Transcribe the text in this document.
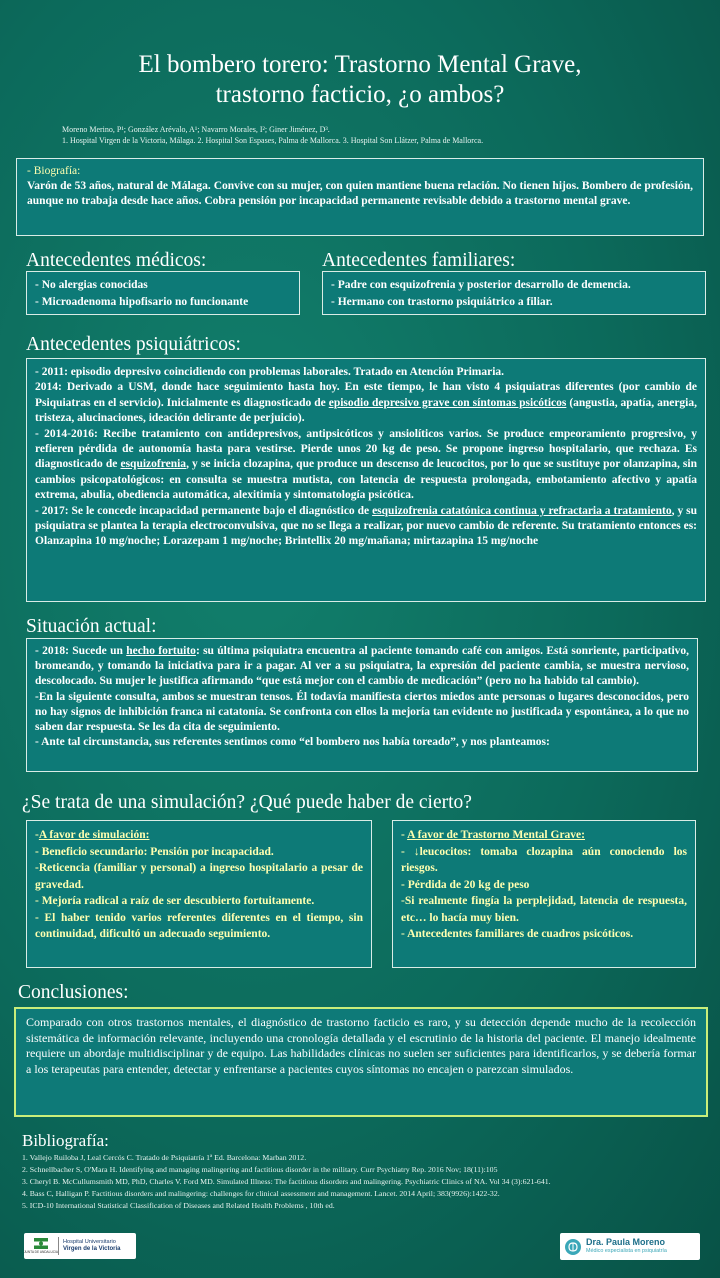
El bombero torero: Trastorno Mental Grave,
trastorno facticio, ¿o ambos?
Moreno Merino, P¹; González Arévalo, A¹; Navarro Morales, I²; Giner Jiménez, D³.
1. Hospital Virgen de la Victoria, Málaga. 2. Hospital Son Espases, Palma de Mallorca. 3. Hospital Son Llátzer, Palma de Mallorca.
- Biografía:
Varón de 53 años, natural de Málaga. Convive con su mujer, con quien mantiene buena relación. No tienen hijos. Bombero de profesión, aunque no trabaja desde hace años. Cobra pensión por incapacidad permanente revisable debido a trastorno mental grave.
Antecedentes médicos:
- No alergias conocidas
- Microadenoma hipofisario no funcionante
Antecedentes familiares:
- Padre con esquizofrenia y posterior desarrollo de demencia.
- Hermano con trastorno psiquiátrico a filiar.
Antecedentes psiquiátricos:

- 2011: episodio depresivo coincidiendo con problemas laborales. Tratado en Atención Primaria.

2014: Derivado a USM, donde hace seguimiento hasta hoy. En este tiempo, le han visto 4 psiquiatras diferentes (por cambio de Psiquiatras en el servicio). Inicialmente es diagnosticado de episodio depresivo grave con síntomas psicóticos (angustia, apatía, anergia, tristeza, alucinaciones, ideación delirante de perjuicio).

- 2014-2016: Recibe tratamiento con antidepresivos, antipsicóticos y ansiolíticos varios. Se produce empeoramiento progresivo, y refieren pérdida de autonomía hasta para vestirse. Pierde unos 20 kg de peso. Se propone ingreso hospitalario, que rechaza. Es diagnosticado de esquizofrenia, y se inicia clozapina, que produce un descenso de leucocitos, por lo que se sustituye por olanzapina, sin cambios psicopatológicos: en consulta se muestra mutista, con latencia de respuesta prolongada, embotamiento afectivo y apatía extrema, abulia, obediencia automática, alexitimia y sintomatología psicótica.

- 2017: Se le concede incapacidad permanente bajo el diagnóstico de esquizofrenia catatónica continua y refractaria a tratamiento, y su psiquiatra se plantea la terapia electroconvulsiva, que no se llega a realizar, por nuevo cambio de referente. Su tratamiento entonces es: Olanzapina 10 mg/noche; Lorazepam 1 mg/noche; Brintellix 20 mg/mañana; mirtazapina 15 mg/noche

Situación actual:

- 2018: Sucede un hecho fortuito: su última psiquiatra encuentra al paciente tomando café con amigos. Está sonriente, participativo, bromeando, y tomando la iniciativa para ir a pagar. Al ver a su psiquiatra, la expresión del paciente cambia, se muestra nervioso, descolocado. Su mujer le justifica afirmando “que está mejor con el cambio de medicación” (pero no ha habido tal cambio).

-En la siguiente consulta, ambos se muestran tensos. Él todavía manifiesta ciertos miedos ante personas o lugares desconocidos, pero no hay signos de inhibición franca ni catatonía. Se confronta con ellos la mejoría tan evidente no justificada y espontánea, a lo que no saben dar respuesta. Se les da cita de seguimiento.

- Ante tal circunstancia, sus referentes sentimos como “el bombero nos había toreado”, y nos planteamos:

¿Se trata de una simulación? ¿Qué puede haber de cierto?
-A favor de simulación:
- Beneficio secundario: Pensión por incapacidad.
-Reticencia (familiar y personal) a ingreso hospitalario a pesar de gravedad.
- Mejoría radical a raíz de ser descubierto fortuitamente.
- El haber tenido varios referentes diferentes en el tiempo, sin continuidad, dificultó un adecuado seguimiento.
- A favor de Trastorno Mental Grave:
- ↓leucocitos: tomaba clozapina aún conociendo los riesgos.
- Pérdida de 20 kg de peso
-Si realmente fingía la perplejidad, latencia de respuesta, etc… lo hacía muy bien.
- Antecedentes familiares de cuadros psicóticos.
Conclusiones:
Comparado con otros trastornos mentales, el diagnóstico de trastorno facticio es raro, y su detección depende mucho de la recolección sistemática de información relevante, incluyendo una cronología detallada y el escrutinio de la historia del paciente. El manejo idealmente requiere un abordaje multidisciplinar y de equipo. Las habilidades clínicas no suelen ser suficientes para identificarlos, y se debería formar a los terapeutas para entender, detectar y enfrentarse a pacientes cuyos síntomas no encajen o parezcan simulados.
Bibliografía:
1. Vallejo Ruiloba J, Leal Cercós C. Tratado de Psiquiatría 1ª Ed. Barcelona: Marban 2012.
2. Schnellbacher S, O'Mara H. Identifying and managing malingering and factitious disorder in the military. Curr Psychiatry Rep. 2016 Nov; 18(11):105
3. Cheryl B. McCullumsmith MD, PhD, Charles V. Ford MD. Simulated Illness: The factitious disorders and malingering. Psychiatric Clinics of NA. Vol 34 (3):621-641.
4. Bass C, Halligan P. Factitious disorders and malingering: challenges for clinical assessment and management. Lancet. 2014 April; 383(9926):1422-32.
5. ICD-10 International Statistical Classification of Diseases and Related Health Problems , 10th ed.
JUNTA DE ANDALUCIA
Hospital Universitario
Virgen de la Victoria
Dra. Paula Moreno
Médico especialista en psiquiatría
